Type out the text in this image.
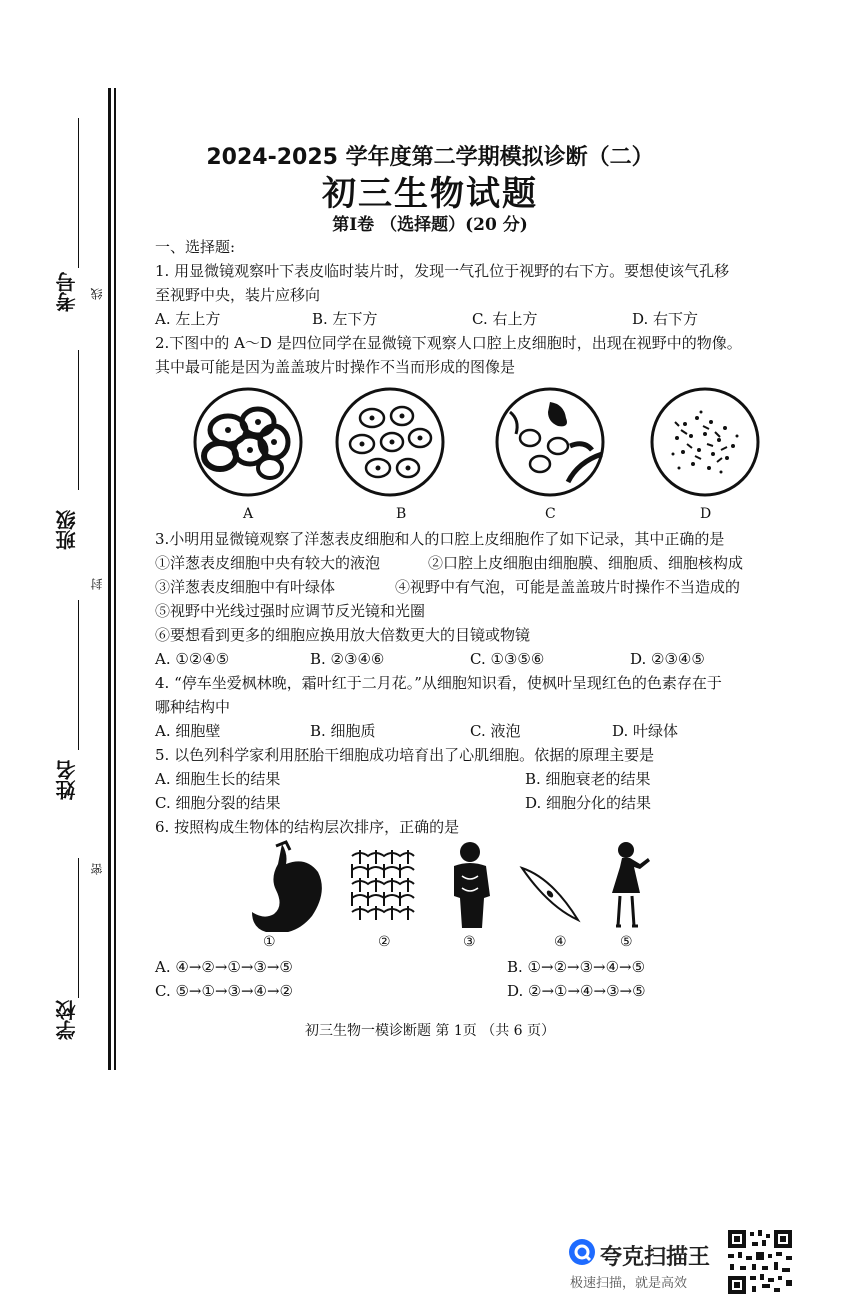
考号 线
班级
封
姓名
密
学校
2024-2025 学年度第二学期模拟诊断（二）
初三生物试题
第Ⅰ卷 （选择题）(20 分)
一、选择题:
1. 用显微镜观察叶下表皮临时装片时，发现一气孔位于视野的右下方。要想使该气孔移
至视野中央，装片应移向
A. 左上方	B. 左下方	C. 右上方	D. 右下方
2.下图中的 A～D 是四位同学在显微镜下观察人口腔上皮细胞时，出现在视野中的物像。
其中最可能是因为盖盖玻片时操作不当而形成的图像是
A	B	C	D
3.小明用显微镜观察了洋葱表皮细胞和人的口腔上皮细胞作了如下记录，其中正确的是
①洋葱表皮细胞中央有较大的液泡	②口腔上皮细胞由细胞膜、细胞质、细胞核构成
③洋葱表皮细胞中有叶绿体	④视野中有气泡，可能是盖盖玻片时操作不当造成的
⑤视野中光线过强时应调节反光镜和光圈
⑥要想看到更多的细胞应换用放大倍数更大的目镜或物镜
A. ①②④⑤	B. ②③④⑥	C. ①③⑤⑥	D. ②③④⑤
4. “停车坐爱枫林晚，霜叶红于二月花。”从细胞知识看，使枫叶呈现红色的色素存在于
哪种结构中
A. 细胞壁	B. 细胞质	C. 液泡	D. 叶绿体
5. 以色列科学家利用胚胎干细胞成功培育出了心肌细胞。依据的原理主要是
A. 细胞生长的结果	B. 细胞衰老的结果
C. 细胞分裂的结果	D. 细胞分化的结果
6. 按照构成生物体的结构层次排序，正确的是
①	②	③	④	⑤
A. ④→②→①→③→⑤	B. ①→②→③→④→⑤
C. ⑤→①→③→④→②	D. ②→①→④→③→⑤
初三生物一模诊断题 第 1页 （共 6 页）
夸克扫描王
极速扫描，就是高效
